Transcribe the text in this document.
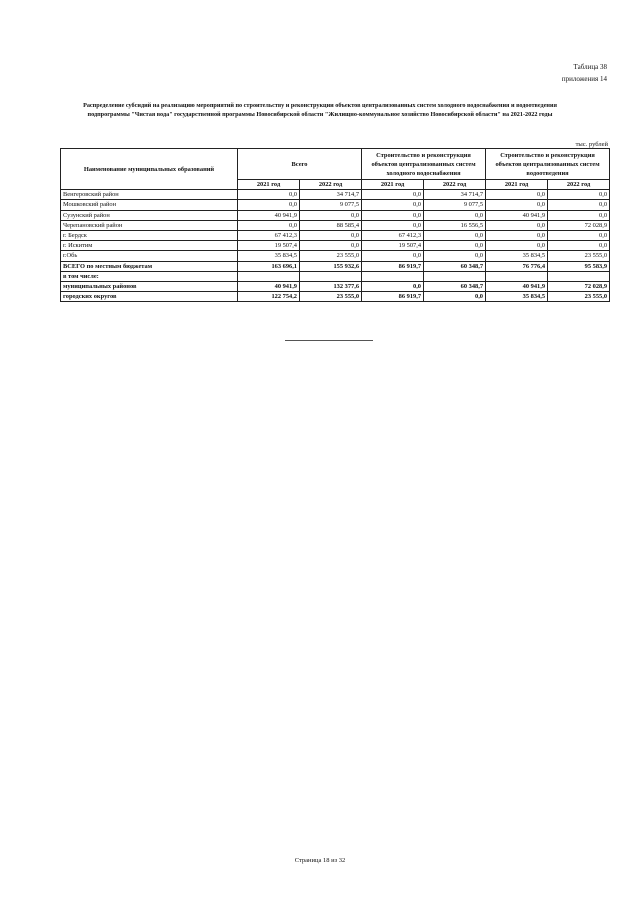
Таблица 38
приложения 14
Распределение субсидий на реализацию мероприятий по строительству и реконструкции объектов централизованных систем холодного водоснабжения и водоотведения подпрограммы "Чистая вода" государственной программы Новосибирской области "Жилищно-коммунальное хозяйство Новосибирской области" на 2021-2022 годы
тыс. рублей
Наименование муниципальных образований	Всего		Строительство и реконструкция объектов централизованных систем холодного водоснабжения		Строительство и реконструкция объектов централизованных систем водоотведения	
	2021 год	2022 год	2021 год	2022 год	2021 год	2022 год
Венгеровский район	0,0	34 714,7	0,0	34 714,7	0,0	0,0
Мошковский район	0,0	9 077,5	0,0	9 077,5	0,0	0,0
Сузунский район	40 941,9	0,0	0,0	0,0	40 941,9	0,0
Черепановский район	0,0	88 585,4	0,0	16 556,5	0,0	72 028,9
г. Бердск	67 412,3	0,0	67 412,3	0,0	0,0	0,0
г. Искитим	19 507,4	0,0	19 507,4	0,0	0,0	0,0
г.Обь	35 834,5	23 555,0	0,0	0,0	35 834,5	23 555,0
ВСЕГО по местным бюджетам	163 696,1	155 932,6	86 919,7	60 348,7	76 776,4	95 583,9
в том числе:						
муниципальных районов	40 941,9	132 377,6	0,0	60 348,7	40 941,9	72 028,9
городских округов	122 754,2	23 555,0	86 919,7	0,0	35 834,5	23 555,0
Страница 18 из 32
